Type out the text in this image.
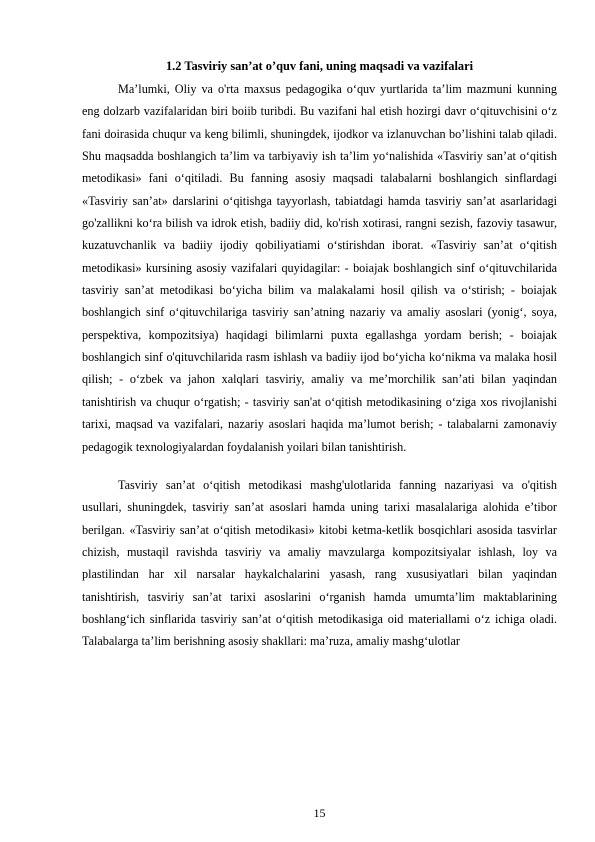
1.2 Tasviriy san’at o’quv fani, uning maqsadi va vazifalari

Ma’lumki, Oliy va o'rta maxsus pedagogika o‘quv yurtlarida ta’lim mazmuni kunning eng dolzarb vazifalaridan biri boiib turibdi. Bu vazifani hal etish hozirgi davr o‘qituvchisini o‘z fani doirasida chuqur va keng bilimli, shuningdek, ijodkor va izlanuvchan bo’lishini talab qiladi. Shu maqsadda boshlangich ta’lim va tarbiyaviy ish ta’lim yo‘nalishida «Tasviriy san’at o‘qitish metodikasi» fani o‘qitiladi. Bu fanning asosiy maqsadi talabalarni boshlangich sinflardagi «Tasviriy san’at» darslarini o‘qitishga tayyorlash, tabiatdagi hamda tasviriy san’at asarlaridagi go'zallikni ko‘ra bilish va idrok etish, badiiy did, ko'rish xotirasi, rangni sezish, fazoviy tasawur, kuzatuvchanlik va badiiy ijodiy qobiliyatiami o‘stirishdan iborat. «Tasviriy san’at o‘qitish metodikasi» kursining asosiy vazifalari quyidagilar: - boiajak boshlangich sinf o‘qituvchilarida tasviriy san’at metodikasi bo‘yicha bilim va malakalami hosil qilish va o‘stirish; - boiajak boshlangich sinf o‘qituvchilariga tasviriy san’atning nazariy va amaliy asoslari (yonig‘, soya, perspektiva, kompozitsiya) haqidagi bilimlarni puxta egallashga yordam berish; - boiajak boshlangich sinf o'qituvchilarida rasm ishlash va badiiy ijod bo‘yicha ko‘nikma va malaka hosil qilish; - o‘zbek va jahon xalqlari tasviriy, amaliy va me’morchilik san’ati bilan yaqindan tanishtirish va chuqur o‘rgatish; - tasviriy san'at o‘qitish metodikasining o‘ziga xos rivojlanishi tarixi, maqsad va vazifalari, nazariy asoslari haqida ma’lumot berish; - talabalarni zamonaviy pedagogik texnologiyalardan foydalanish yoilari bilan tanishtirish.

Tasviriy san’at o‘qitish metodikasi mashg'ulotlarida fanning nazariyasi va o'qitish usullari, shuningdek, tasviriy san’at asoslari hamda uning tarixi masalalariga alohida e’tibor berilgan. «Tasviriy san’at o‘qitish metodikasi» kitobi ketma-ketlik bosqichlari asosida tasvirlar chizish, mustaqil ravishda tasviriy va amaliy mavzularga kompozitsiyalar ishlash, loy va plastilindan har xil narsalar haykalchalarini yasash, rang xususiyatlari bilan yaqindan tanishtirish, tasviriy san’at tarixi asoslarini o‘rganish hamda umumta’lim maktablarining boshlang‘ich sinflarida tasviriy san’at o‘qitish metodikasiga oid materiallami o‘z ichiga oladi. Talabalarga ta’lim berishning asosiy shakllari: ma’ruza, amaliy mashg‘ulotlar

15
